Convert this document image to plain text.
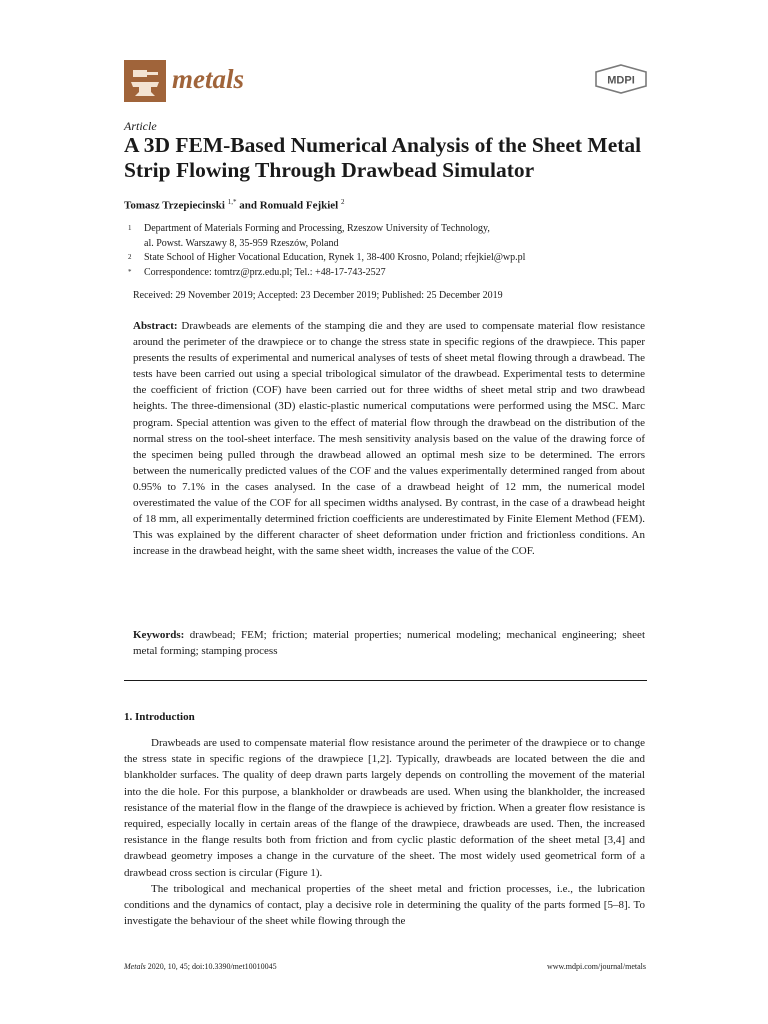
metals	MDPI
Article
A 3D FEM-Based Numerical Analysis of the Sheet Metal Strip Flowing Through Drawbead Simulator
Tomasz Trzepiecinski $^{1,*}$ and Romuald Fejkiel $^2$
1 Department of Materials Forming and Processing, Rzeszow University of Technology,
al. Powst. Warszawy 8, 35-959 Rzeszów, Poland
2 State School of Higher Vocational Education, Rynek 1, 38-400 Krosno, Poland; rfejkiel@wp.pl
* Correspondence: tomtrz@prz.edu.pl; Tel.: +48-17-743-2527
Received: 29 November 2019; Accepted: 23 December 2019; Published: 25 December 2019
Abstract: Drawbeads are elements of the stamping die and they are used to compensate material flow resistance around the perimeter of the drawpiece or to change the stress state in specific regions of the drawpiece. This paper presents the results of experimental and numerical analyses of tests of sheet metal flowing through a drawbead. The tests have been carried out using a special tribological simulator of the drawbead. Experimental tests to determine the coefficient of friction (COF) have been carried out for three widths of sheet metal strip and two drawbead heights. The three-dimensional (3D) elastic-plastic numerical computations were performed using the MSC. Marc program. Special attention was given to the effect of material flow through the drawbead on the distribution of the normal stress on the tool-sheet interface. The mesh sensitivity analysis based on the value of the drawing force of the specimen being pulled through the drawbead allowed an optimal mesh size to be determined. The errors between the numerically predicted values of the COF and the values experimentally determined ranged from about 0.95% to 7.1% in the cases analysed. In the case of a drawbead height of 12 mm, the numerical model overestimated the value of the COF for all specimen widths analysed. By contrast, in the case of a drawbead height of 18 mm, all experimentally determined friction coefficients are underestimated by Finite Element Method (FEM). This was explained by the different character of sheet deformation under friction and frictionless conditions. An increase in the drawbead height, with the same sheet width, increases the value of the COF.
Keywords: drawbead; FEM; friction; material properties; numerical modeling; mechanical engineering; sheet metal forming; stamping process
1. Introduction

Drawbeads are used to compensate material flow resistance around the perimeter of the drawpiece or to change the stress state in specific regions of the drawpiece [1,2]. Typically, drawbeads are located between the die and blankholder surfaces. The quality of deep drawn parts largely depends on controlling the movement of the material into the die hole. For this purpose, a blankholder or drawbeads are used. When using the blankholder, the increased resistance of the material flow in the flange of the drawpiece is achieved by friction. When a greater flow resistance is required, especially locally in certain areas of the flange of the drawpiece, drawbeads are used. Then, the increased resistance in the flange results both from friction and from cyclic plastic deformation of the sheet metal [3,4] and drawbead geometry imposes a change in the curvature of the sheet. The most widely used geometrical form of a drawbead cross section is circular (Figure 1).

The tribological and mechanical properties of the sheet metal and friction processes, i.e., the lubrication conditions and the dynamics of contact, play a decisive role in determining the quality of the parts formed [5–8]. To investigate the behaviour of the sheet while flowing through the

Metals 2020, 10, 45; doi:10.3390/met10010045	www.mdpi.com/journal/metals
